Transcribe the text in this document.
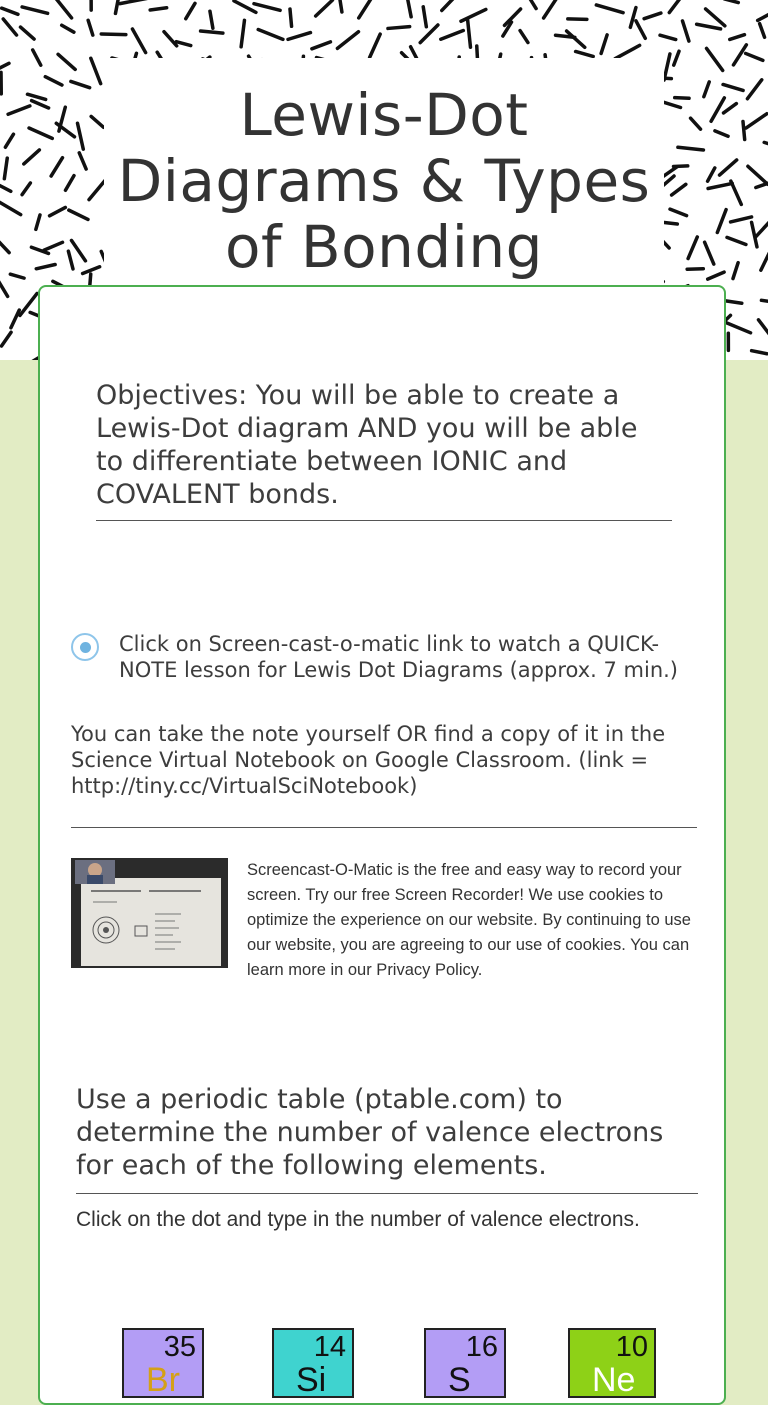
Lewis-Dot Diagrams & Types of Bonding
Objectives: You will be able to create a Lewis-Dot diagram AND you will be able to differentiate between IONIC and COVALENT bonds.
Click on Screen-cast-o-matic link to watch a QUICK-NOTE lesson for Lewis Dot Diagrams (approx. 7 min.)
You can take the note yourself OR find a copy of it in the Science Virtual Notebook on Google Classroom. (link = http://tiny.cc/VirtualSciNotebook)
Screencast-O-Matic is the free and easy way to record your screen. Try our free Screen Recorder! We use cookies to optimize the experience on our website. By continuing to use our website, you are agreeing to our use of cookies. You can learn more in our Privacy Policy.
Use a periodic table (ptable.com) to determine the number of valence electrons for each of the following elements.
Click on the dot and type in the number of valence electrons.
35
Br
14
Si
16
S
10
Ne
